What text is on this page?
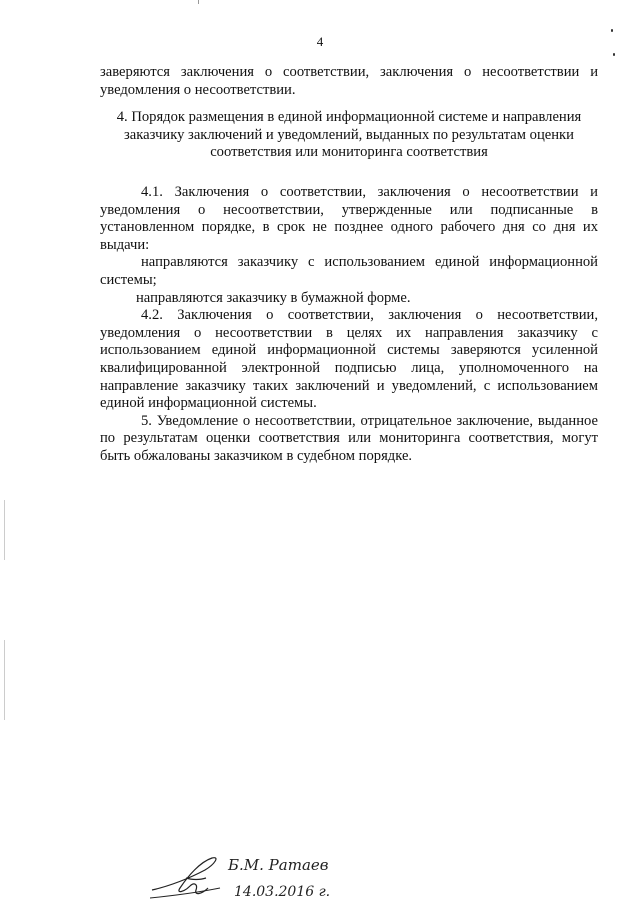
4

заверяются заключения о соответствии, заключения о несоответствии и уведомления о несоответствии.

4. Порядок размещения в единой информационной системе и направления
заказчику заключений и уведомлений, выданных по результатам оценки
соответствия или мониторинга соответствия

4.1. Заключения о соответствии, заключения о несоответствии и уведомления о несоответствии, утвержденные или подписанные в установленном порядке, в срок не позднее одного рабочего дня со дня их выдачи:

направляются заказчику с использованием единой информационной системы;

направляются заказчику в бумажной форме.

4.2. Заключения о соответствии, заключения о несоответствии, уведомления о несоответствии в целях их направления заказчику с использованием единой информационной системы заверяются усиленной квалифицированной электронной подписью лица, уполномоченного на направление заказчику таких заключений и уведомлений, с использованием единой информационной системы.

5. Уведомление о несоответствии, отрицательное заключение, выданное по результатам оценки соответствия или мониторинга соответствия, могут быть обжалованы заказчиком в судебном порядке.

Б.М. Ратаев
14.03.2016 г.
